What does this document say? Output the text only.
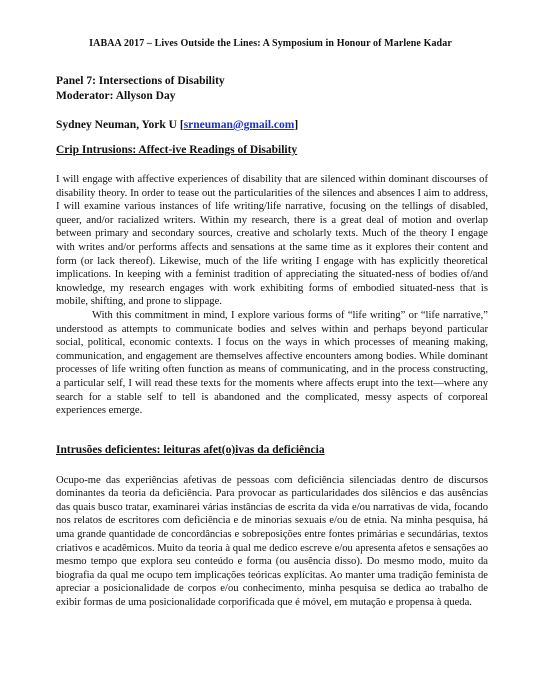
IABAA 2017 – Lives Outside the Lines: A Symposium in Honour of Marlene Kadar
Panel 7: Intersections of Disability
Moderator: Allyson Day
Sydney Neuman, York U [srneuman@gmail.com]
Crip Intrusions: Affect-ive Readings of Disability

I will engage with affective experiences of disability that are silenced within dominant discourses of disability theory. In order to tease out the particularities of the silences and absences I aim to address, I will examine various instances of life writing/life narrative, focusing on the tellings of disabled, queer, and/or racialized writers. Within my research, there is a great deal of motion and overlap between primary and secondary sources, creative and scholarly texts. Much of the theory I engage with writes and/or performs affects and sensations at the same time as it explores their content and form (or lack thereof). Likewise, much of the life writing I engage with has explicitly theoretical implications. In keeping with a feminist tradition of appreciating the situated-ness of bodies of/and knowledge, my research engages with work exhibiting forms of embodied situated-ness that is mobile, shifting, and prone to slippage.

With this commitment in mind, I explore various forms of “life writing” or “life narrative,” understood as attempts to communicate bodies and selves within and perhaps beyond particular social, political, economic contexts. I focus on the ways in which processes of meaning making, communication, and engagement are themselves affective encounters among bodies. While dominant processes of life writing often function as means of communicating, and in the process constructing, a particular self, I will read these texts for the moments where affects erupt into the text—where any search for a stable self to tell is abandoned and the complicated, messy aspects of corporeal experiences emerge.

Intrusões deficientes: leituras afet(o)ivas da deficiência

Ocupo-me das experiências afetivas de pessoas com deficiência silenciadas dentro de discursos dominantes da teoria da deficiência. Para provocar as particularidades dos silêncios e das ausências das quais busco tratar, examinarei várias instâncias de escrita da vida e/ou narrativas de vida, focando nos relatos de escritores com deficiência e de minorias sexuais e/ou de etnia. Na minha pesquisa, há uma grande quantidade de concordâncias e sobreposições entre fontes primárias e secundárias, textos criativos e acadêmicos. Muito da teoria à qual me dedico escreve e/ou apresenta afetos e sensações ao mesmo tempo que explora seu conteúdo e forma (ou ausência disso). Do mesmo modo, muito da biografia da qual me ocupo tem implicações teóricas explícitas. Ao manter uma tradição feminista de apreciar a posicionalidade de corpos e/ou conhecimento, minha pesquisa se dedica ao trabalho de exibir formas de uma posicionalidade corporificada que é móvel, em mutação e propensa à queda.
